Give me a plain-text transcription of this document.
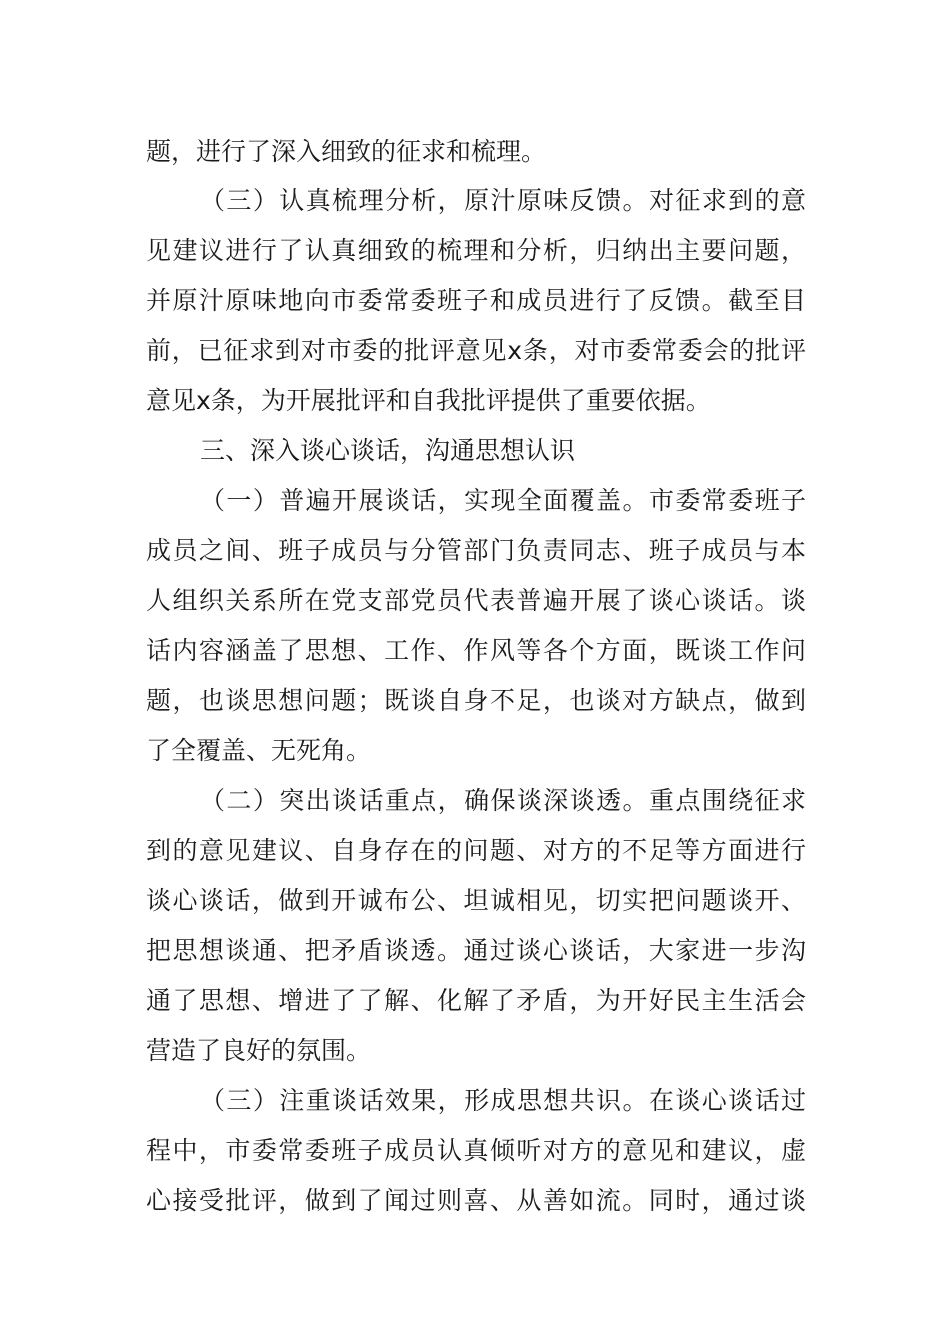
题，进行了深入细致的征求和梳理。
（三）认真梳理分析，原汁原味反馈。对征求到的意
见建议进行了认真细致的梳理和分析，归纳出主要问题，
并原汁原味地向市委常委班子和成员进行了反馈。截至目
前，已征求到对市委的批评意见x条，对市委常委会的批评
意见x条，为开展批评和自我批评提供了重要依据。
三、深入谈心谈话，沟通思想认识
（一）普遍开展谈话，实现全面覆盖。市委常委班子
成员之间、班子成员与分管部门负责同志、班子成员与本
人组织关系所在党支部党员代表普遍开展了谈心谈话。谈
话内容涵盖了思想、工作、作风等各个方面，既谈工作问
题，也谈思想问题；既谈自身不足，也谈对方缺点，做到
了全覆盖、无死角。
（二）突出谈话重点，确保谈深谈透。重点围绕征求
到的意见建议、自身存在的问题、对方的不足等方面进行
谈心谈话，做到开诚布公、坦诚相见，切实把问题谈开、
把思想谈通、把矛盾谈透。通过谈心谈话，大家进一步沟
通了思想、增进了了解、化解了矛盾，为开好民主生活会
营造了良好的氛围。
（三）注重谈话效果，形成思想共识。在谈心谈话过
程中，市委常委班子成员认真倾听对方的意见和建议，虚
心接受批评，做到了闻过则喜、从善如流。同时，通过谈
